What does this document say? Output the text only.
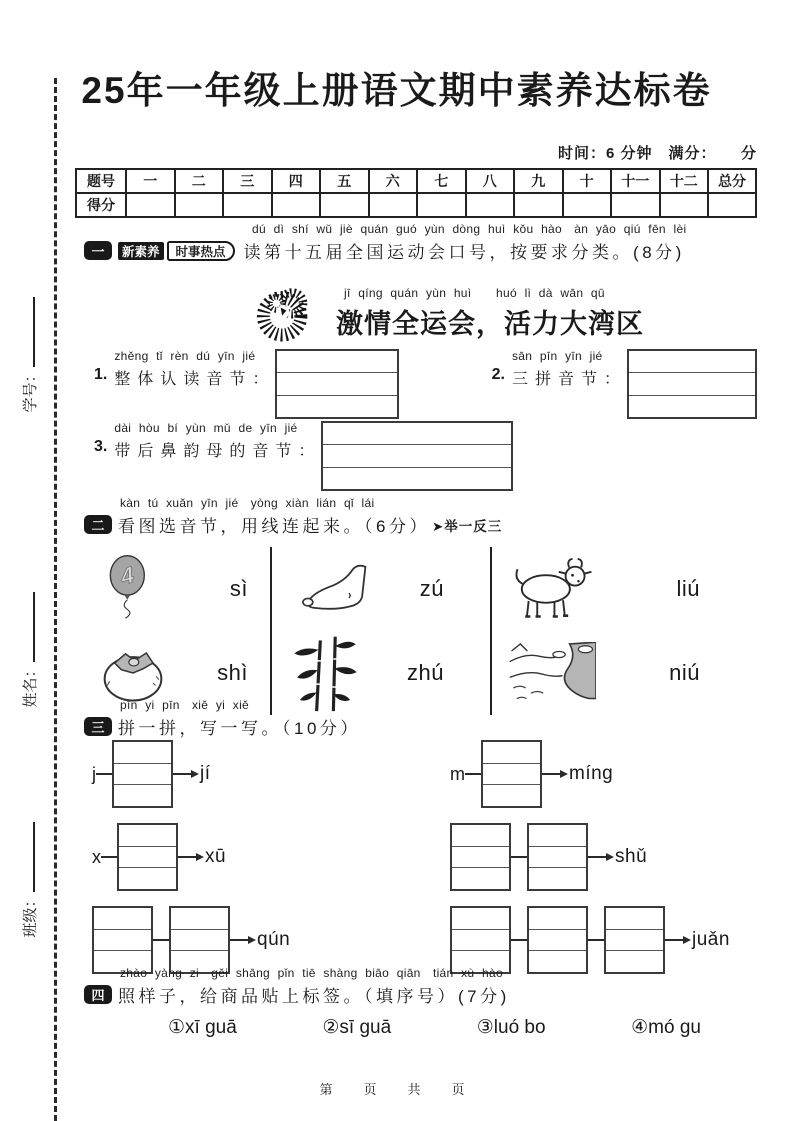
学号：
姓名：
班级：
25年一年级上册语文期中素养达标卷
时间：6 分钟　满分：　　分
题号	一	二	三	四	五	六	七	八	九	十	十一	十二	总分
得分													
dú dì shí wǔ jiè quán guó yùn dòng huì kǒu hào　àn yāo qiú fēn lèi
一	新素养	时事热点	读第十五届全国运动会口号，按要求分类。(8分)
jī qíng quán yùn huì　　huó lì dà wān qū
激情全运会，活力大湾区
1.
zhěng tǐ rèn dú yīn jié
整体认读音节：	2.
sān pīn yīn jié
三拼音节：
3.
dài hòu bí yùn mǔ de yīn jié
带后鼻韵母的音节：
kàn tú xuǎn yīn jié　yòng xiàn lián qǐ lái
二 看图选音节，用线连起来。（6分） ➤举一反三
4	sì
shì
zú
zhú
liú
niú
pīn yi pīn　xiě yi xiě
三 拼一拼，写一写。（10分）
j	jí	m	míng
x	xū	shǔ
qún	juǎn
zhào yàng zi　gěi shāng pǐn tiē shàng biāo qiān　tián xù hào
四 照样子，给商品贴上标签。（填序号）(7分)
①xī guā	②sī guā	③luó bo	④mó gu
第　页　共　页
